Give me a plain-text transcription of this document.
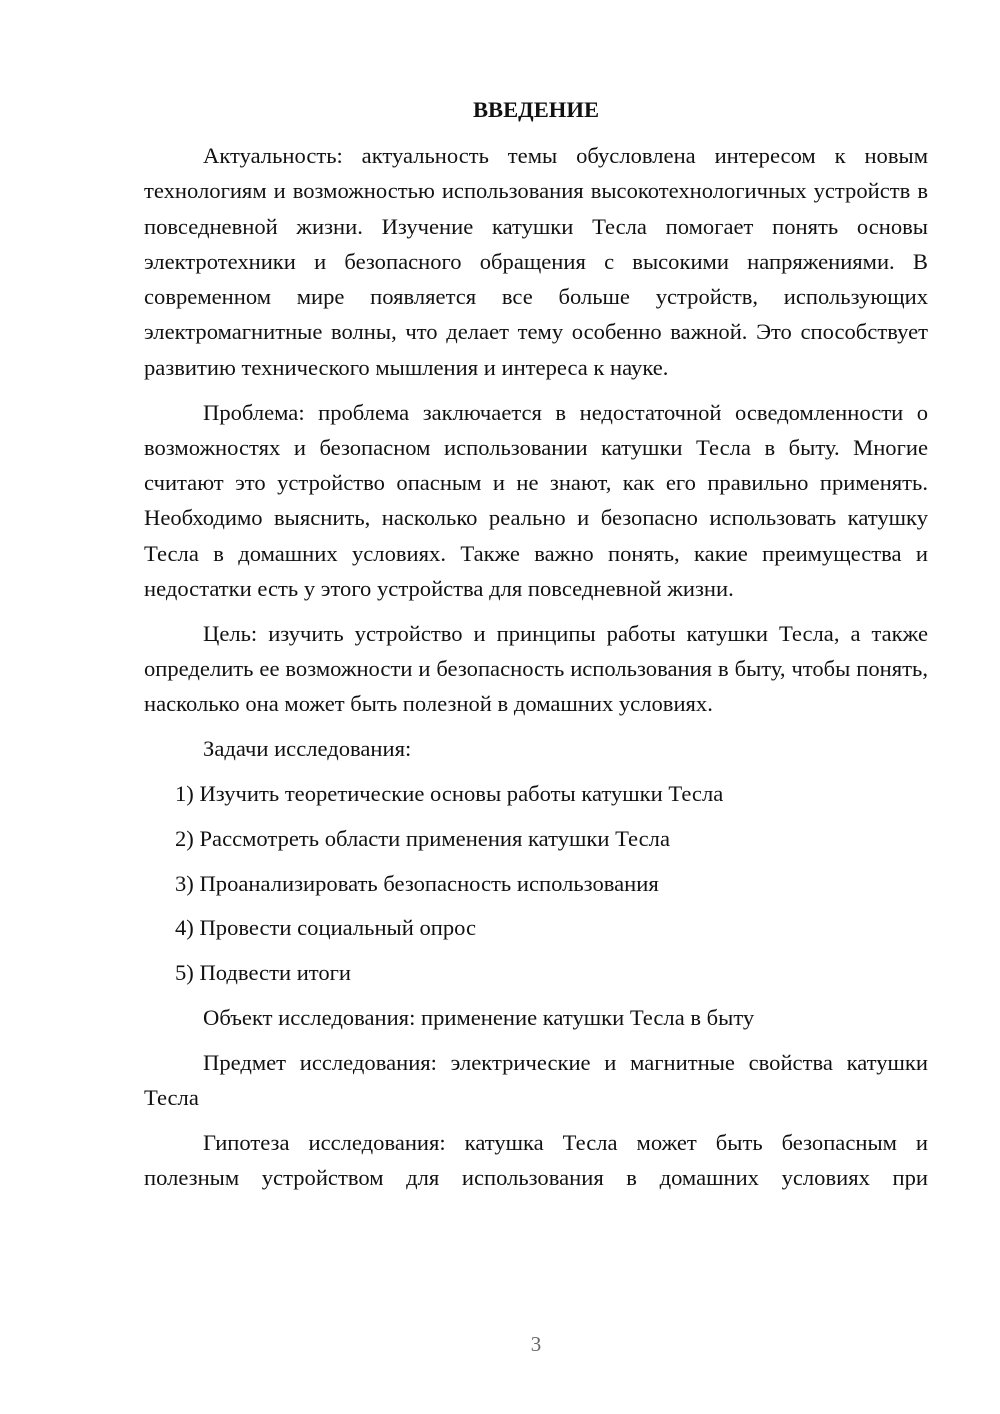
ВВЕДЕНИЕ

Актуальность: актуальность темы обусловлена интересом к новым технологиям и возможностью использования высокотехнологичных устройств в повседневной жизни. Изучение катушки Тесла помогает понять основы электротехники и безопасного обращения с высокими напряжениями. В современном мире появляется все больше устройств, использующих электромагнитные волны, что делает тему особенно важной. Это способствует развитию технического мышления и интереса к науке.

Проблема: проблема заключается в недостаточной осведомленности о возможностях и безопасном использовании катушки Тесла в быту. Многие считают это устройство опасным и не знают, как его правильно применять. Необходимо выяснить, насколько реально и безопасно использовать катушку Тесла в домашних условиях. Также важно понять, какие преимущества и недостатки есть у этого устройства для повседневной жизни.

Цель: изучить устройство и принципы работы катушки Тесла, а также определить ее возможности и безопасность использования в быту, чтобы понять, насколько она может быть полезной в домашних условиях.

Задачи исследования:

1) Изучить теоретические основы работы катушки Тесла

2) Рассмотреть области применения катушки Тесла

3) Проанализировать безопасность использования

4) Провести социальный опрос

5) Подвести итоги

Объект исследования: применение катушки Тесла в быту

Предмет исследования: электрические и магнитные свойства катушки Тесла

Гипотеза исследования: катушка Тесла может быть безопасным и полезным устройством для использования в домашних условиях при

3
